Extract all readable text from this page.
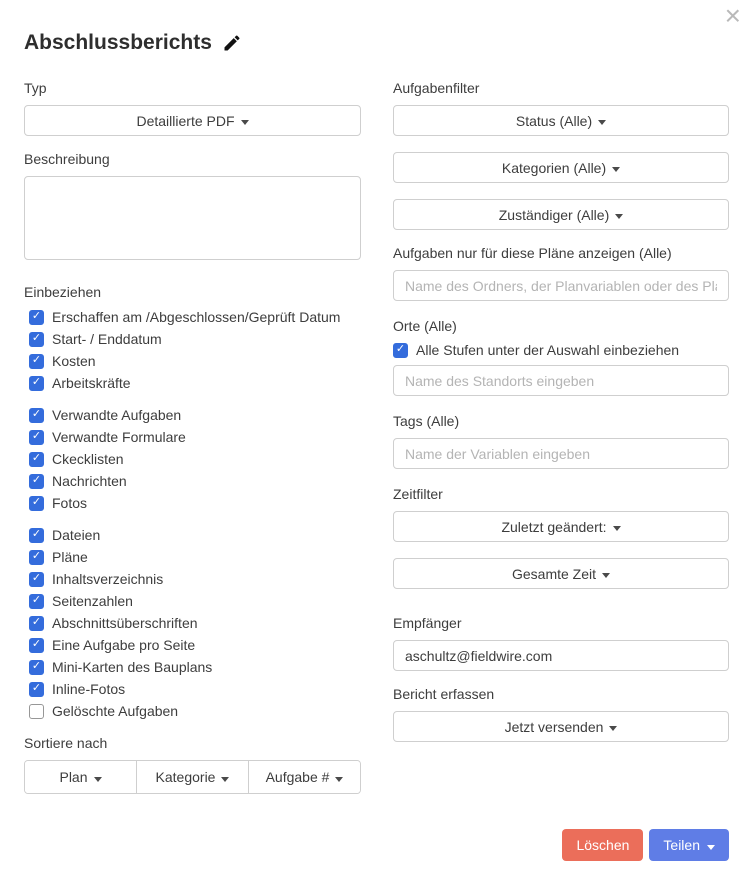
×
Abschlussberichts
Typ
Detaillierte PDF
Beschreibung
Einbeziehen
✓
Erschaffen am /Abgeschlossen/Geprüft Datum
✓
Start- / Enddatum
✓
Kosten
✓
Arbeitskräfte
✓
Verwandte Aufgaben
✓
Verwandte Formulare
✓
Ckecklisten
✓
Nachrichten
✓
Fotos
✓
Dateien
✓
Pläne
✓
Inhaltsverzeichnis
✓
Seitenzahlen
✓
Abschnittsüberschriften
✓
Eine Aufgabe pro Seite
✓
Mini-Karten des Bauplans
✓
Inline-Fotos
Gelöschte Aufgaben
Sortiere nach
Plan	Kategorie	Aufgabe #
Aufgabenfilter
Status (Alle)
Kategorien (Alle)
Zuständiger (Alle)
Aufgaben nur für diese Pläne anzeigen (Alle)
Name des Ordners, der Planvariablen oder des Plans eingeben
Orte (Alle)
✓
Alle Stufen unter der Auswahl einbeziehen
Name des Standorts eingeben
Tags (Alle)
Name der Variablen eingeben
Zeitfilter
Zuletzt geändert:
Gesamte Zeit
Empfänger
aschultz@fieldwire.com
Bericht erfassen
Jetzt versenden
Löschen Teilen
